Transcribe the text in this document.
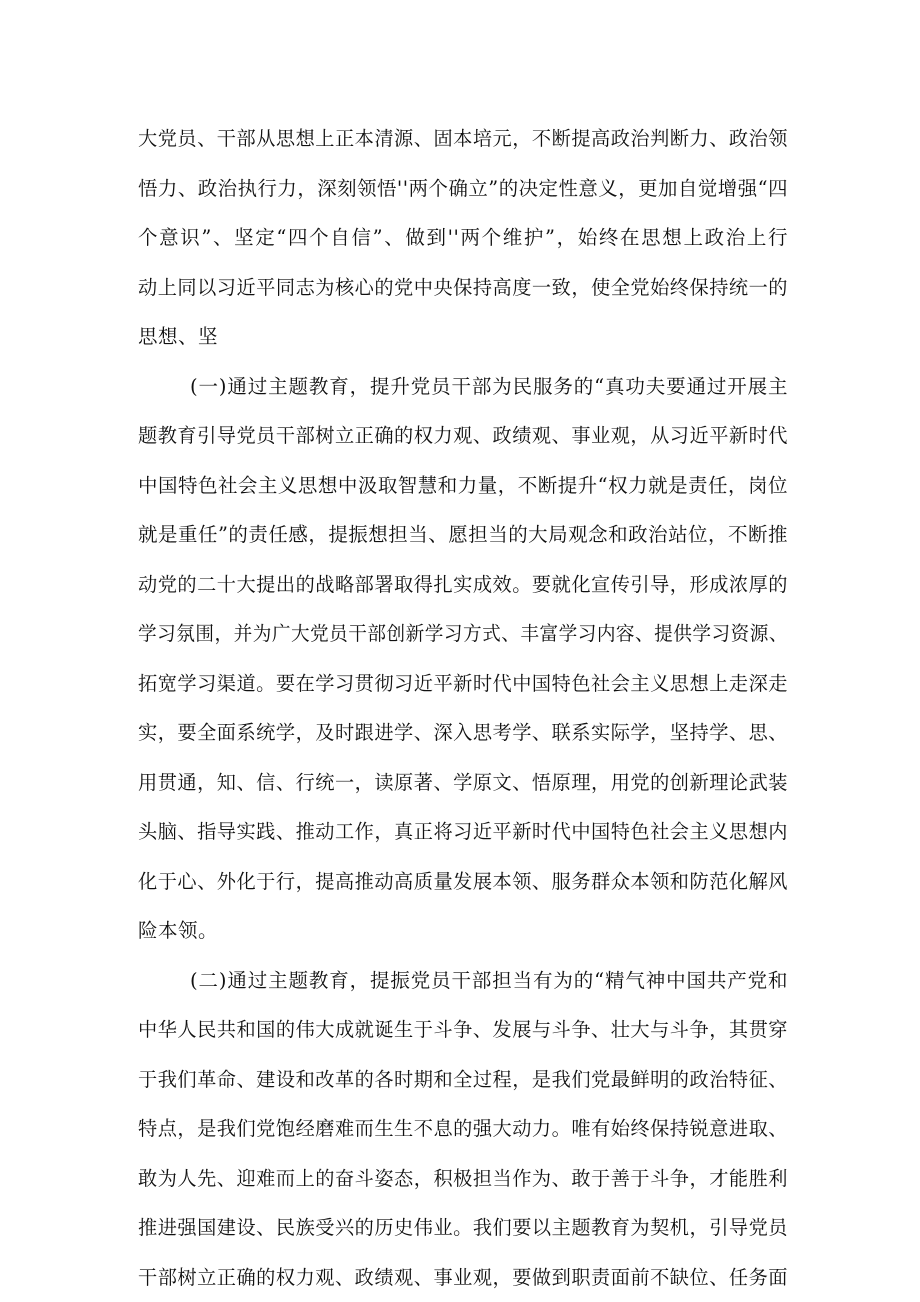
大党员、干部从思想上正本清源、固本培元，不断提高政治判断力、政治领
悟力、政治执行力，深刻领悟''两个确立”的决定性意义，更加自觉增强“四
个意识”、坚定“四个自信”、做到''两个维护”，始终在思想上政治上行
动上同以习近平同志为核心的党中央保持高度一致，使全党始终保持统一的
思想、坚
(一)通过主题教育，提升党员干部为民服务的“真功夫要通过开展主
题教育引导党员干部树立正确的权力观、政绩观、事业观，从习近平新时代
中国特色社会主义思想中汲取智慧和力量，不断提升“权力就是责任，岗位
就是重任”的责任感，提振想担当、愿担当的大局观念和政治站位，不断推
动党的二十大提出的战略部署取得扎实成效。要就化宣传引导，形成浓厚的
学习氛围，并为广大党员干部创新学习方式、丰富学习内容、提供学习资源、
拓宽学习渠道。要在学习贯彻习近平新时代中国特色社会主义思想上走深走
实，要全面系统学，及时跟进学、深入思考学、联系实际学，坚持学、思、
用贯通，知、信、行统一，读原著、学原文、悟原理，用党的创新理论武装
头脑、指导实践、推动工作，真正将习近平新时代中国特色社会主义思想内
化于心、外化于行，提高推动高质量发展本领、服务群众本领和防范化解风
险本领。
(二)通过主题教育，提振党员干部担当有为的“精气神中国共产党和
中华人民共和国的伟大成就诞生于斗争、发展与斗争、壮大与斗争，其贯穿
于我们革命、建设和改革的各时期和全过程，是我们党最鲜明的政治特征、
特点，是我们党饱经磨难而生生不息的强大动力。唯有始终保持锐意进取、
敢为人先、迎难而上的奋斗姿态，积极担当作为、敢于善于斗争，才能胜利
推进强国建设、民族受兴的历史伟业。我们要以主题教育为契机，引导党员
干部树立正确的权力观、政绩观、事业观，要做到职责面前不缺位、任务面
